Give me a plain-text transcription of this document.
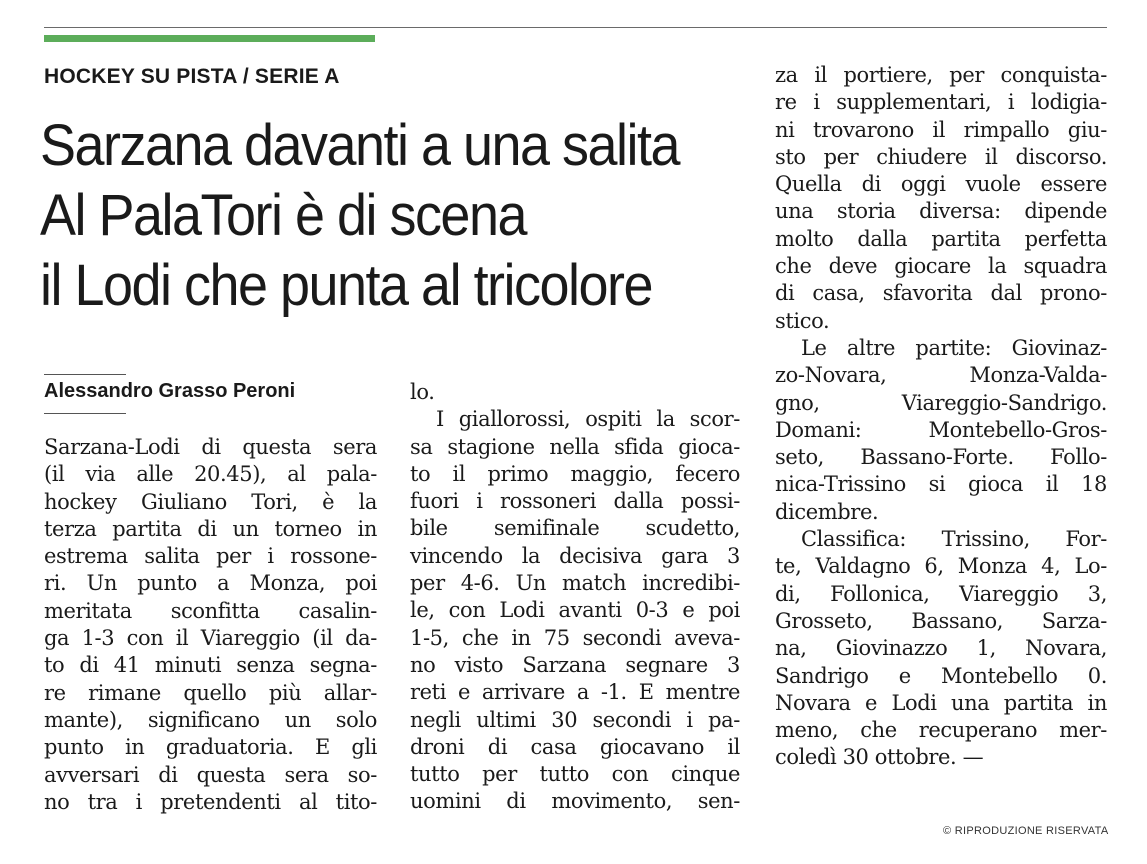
HOCKEY SU PISTA / SERIE A
Sarzana davanti a una salita
Al PalaTori è di scena
il Lodi che punta al tricolore
Alessandro Grasso Peroni
Sarzana-Lodi di questa sera
(il via alle 20.45), al pala-
hockey Giuliano Tori, è la
terza partita di un torneo in
estrema salita per i rossone-
ri. Un punto a Monza, poi
meritata sconfitta casalin-
ga 1-3 con il Viareggio (il da-
to di 41 minuti senza segna-
re rimane quello più allar-
mante), significano un solo
punto in graduatoria. E gli
avversari di questa sera so-
no tra i pretendenti al tito-
lo.
I giallorossi, ospiti la scor-
sa stagione nella sfida gioca-
to il primo maggio, fecero
fuori i rossoneri dalla possi-
bile semifinale scudetto,
vincendo la decisiva gara 3
per 4-6. Un match incredibi-
le, con Lodi avanti 0-3 e poi
1-5, che in 75 secondi aveva-
no visto Sarzana segnare 3
reti e arrivare a -1. E mentre
negli ultimi 30 secondi i pa-
droni di casa giocavano il
tutto per tutto con cinque
uomini di movimento, sen-
za il portiere, per conquista-
re i supplementari, i lodigia-
ni trovarono il rimpallo giu-
sto per chiudere il discorso.
Quella di oggi vuole essere
una storia diversa: dipende
molto dalla partita perfetta
che deve giocare la squadra
di casa, sfavorita dal prono-
stico.
Le altre partite: Giovinaz-
zo-Novara, Monza-Valda-
gno, Viareggio-Sandrigo.
Domani: Montebello-Gros-
seto, Bassano-Forte. Follo-
nica-Trissino si gioca il 18
dicembre.
Classifica: Trissino, For-
te, Valdagno 6, Monza 4, Lo-
di, Follonica, Viareggio 3,
Grosseto, Bassano, Sarza-
na, Giovinazzo 1, Novara,
Sandrigo e Montebello 0.
Novara e Lodi una partita in
meno, che recuperano mer-
coledì 30 ottobre. —
© RIPRODUZIONE RISERVATA
